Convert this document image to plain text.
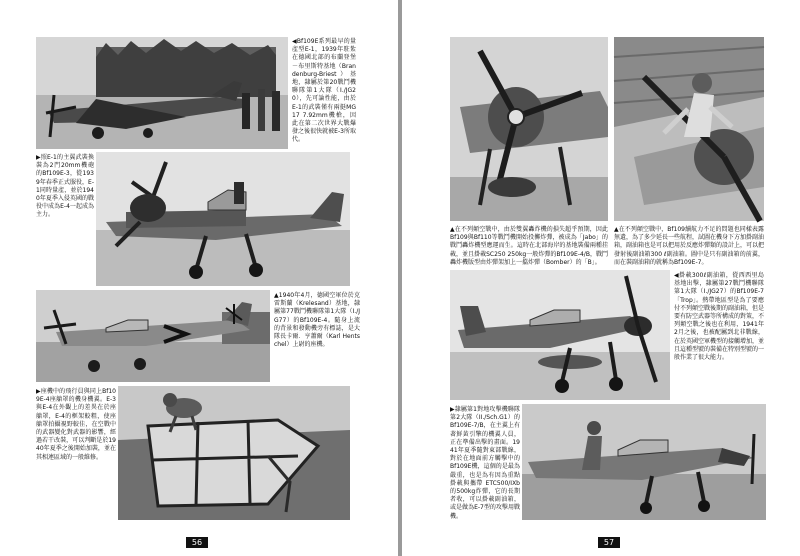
◀Bf109E系列最早的量產型E-1，1939年駐紮在德國北部的布蘭登堡－布里斯特基地（Brandenburg-Briest）基地，隸屬於第20戰鬥機聯隊第1大隊（I./JG20），先可論性能，由於E-1的武裝僅有兩挺MG17 7.92mm機槍，因此在第二次世界大戰爆發之後很快就被E-3所取代。
▶照E-1的主翼武裝換裝為2門20mm機砲的Bf109E-3，從1939年春季正式服役，E-1同時量產，並於1940年夏季入侵英國的戰役中成為E-4一起成為主力。
▲1940年4月，德國空軍位於克雷斯蘭（Krelesand）基地，隸屬第77戰鬥機聯隊第1大隊（I./JG77）的Bf109E-4。隨身上流的背景和發動機旁有標誌，是大隊長卡爾．亨蕭爾（Karl Hentschel）上尉的座機。
▶座機中的飛行員與同上Bf109E-4座艙罩的機身機翼。E-3與E-4在外觀上的差異在於座艙罩，E-4的框架較粗，使座艙罩拍攝視野較佳，在空戰中的武器變化對武器的影響，經過若干改裝，可以判斷是於1940年夏季之後開始加裝，並在其相連區域的一般維修。
56
▲在不列顛空戰中，由於雙翼轟炸機的損失超乎預期，因此Bf109與Bf110等戰鬥機開始投擲炸彈，被成為「Jabo」的戰鬥轟炸機型應運而生。這時在北部海岸的基地裝備兩種挂載，並且掛載SC250 250kg一般炸彈的Bf109E-4/B，戰鬥轟炸機版型由炸彈架加上一擋炸彈（Bomber）的「B」。
▲在不列顛空戰中，Bf109續航力不足的問題也同樣表露無遺，為了多少延長一些航程，試圖在機身下方加掛副油箱，副油箱也是可以把用於反應炸彈類的設計上，可以把發射後副油箱300 ℓ副油箱。圖中是只有副油箱的前翼，而在裝副油箱的就稱為Bf109E-7。
◀掛載300ℓ副油箱，從西西里島基地出擊，隸屬第27戰鬥機聯隊第1大隊（I./JG27）的Bf109E-7「Trop」。熱帶地區型是為了要應付不列顛空戰後期的副油箱，但是要有防空武器等所構成的對策，不列顛空戰之後也在利用，1941年2月之後，也被配屬到北非戰線，在於英國空軍機型的接觸增加，並且這種型號的裝備在特別型號的一般作業了很大能力。
▶隸屬第1對地攻擊機聯隊第2大隊（II./Sch.G1）的Bf109E-7/B，在主翼上有著鮮黃引擎的機翼人員，正在準備出擊的畫面。1941年夏季隨對東部戰線，對於在地面前方觸擊中的Bf109E機，這個的是最為嚴重，也是為有因為重點掛載與攜帶 ETC500/IXb的500kg炸彈，它的長期者收，可以掛載副油箱，或是做為E-7型的攻擊用戰機。
57
